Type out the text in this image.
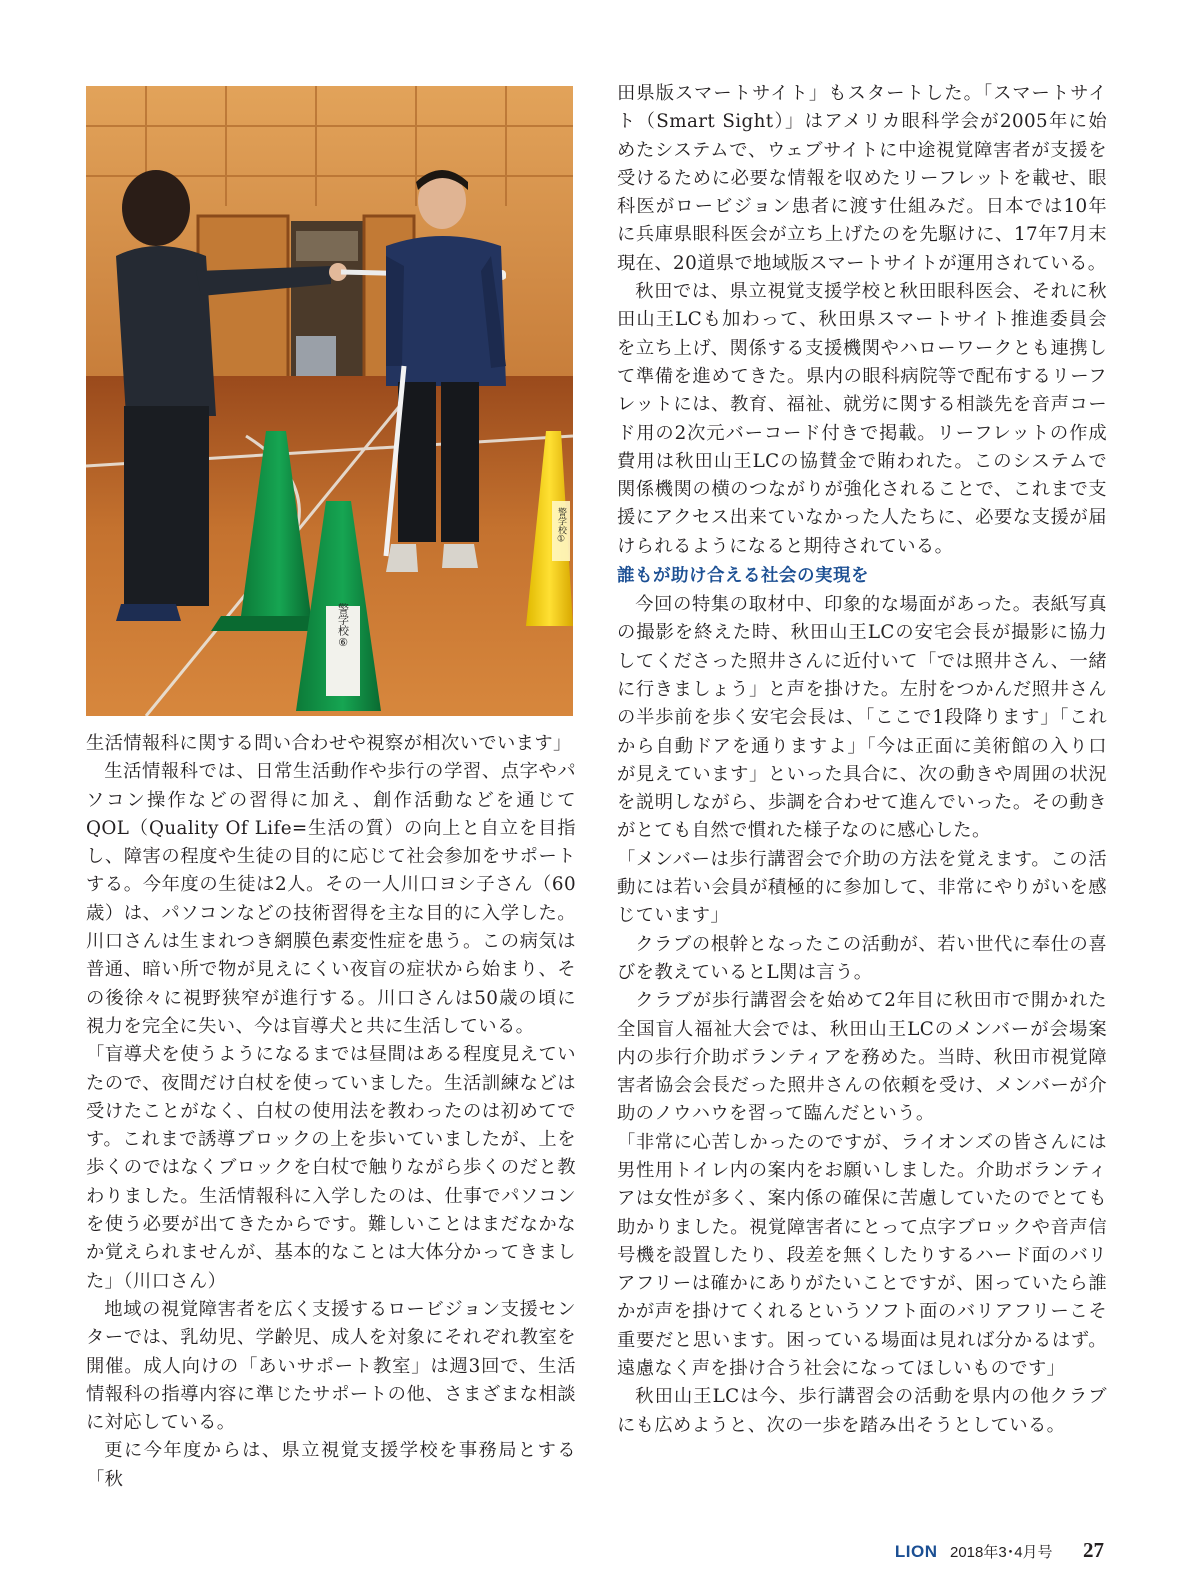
警学校①
警学校⑥

生活情報科に関する問い合わせや視察が相次いでいます」

生活情報科では、日常生活動作や歩行の学習、点字やパソコン操作などの習得に加え、創作活動などを通じてQOL（Quality Of Life=生活の質）の向上と自立を目指し、障害の程度や生徒の目的に応じて社会参加をサポートする。今年度の生徒は2人。その一人川口ヨシ子さん（60歳）は、パソコンなどの技術習得を主な目的に入学した。川口さんは生まれつき網膜色素変性症を患う。この病気は普通、暗い所で物が見えにくい夜盲の症状から始まり、その後徐々に視野狭窄が進行する。川口さんは50歳の頃に視力を完全に失い、今は盲導犬と共に生活している。

「盲導犬を使うようになるまでは昼間はある程度見えていたので、夜間だけ白杖を使っていました。生活訓練などは受けたことがなく、白杖の使用法を教わったのは初めてです。これまで誘導ブロックの上を歩いていましたが、上を歩くのではなくブロックを白杖で触りながら歩くのだと教わりました。生活情報科に入学したのは、仕事でパソコンを使う必要が出てきたからです。難しいことはまだなかなか覚えられませんが、基本的なことは大体分かってきました」（川口さん）

地域の視覚障害者を広く支援するロービジョン支援センターでは、乳幼児、学齢児、成人を対象にそれぞれ教室を開催。成人向けの「あいサポート教室」は週3回で、生活情報科の指導内容に準じたサポートの他、さまざまな相談に対応している。

更に今年度からは、県立視覚支援学校を事務局とする「秋

田県版スマートサイト」もスタートした。「スマートサイト（Smart Sight）」はアメリカ眼科学会が2005年に始めたシステムで、ウェブサイトに中途視覚障害者が支援を受けるために必要な情報を収めたリーフレットを載せ、眼科医がロービジョン患者に渡す仕組みだ。日本では10年に兵庫県眼科医会が立ち上げたのを先駆けに、17年7月末現在、20道県で地域版スマートサイトが運用されている。

秋田では、県立視覚支援学校と秋田眼科医会、それに秋田山王LCも加わって、秋田県スマートサイト推進委員会を立ち上げ、関係する支援機関やハローワークとも連携して準備を進めてきた。県内の眼科病院等で配布するリーフレットには、教育、福祉、就労に関する相談先を音声コード用の2次元バーコード付きで掲載。リーフレットの作成費用は秋田山王LCの協賛金で賄われた。このシステムで関係機関の横のつながりが強化されることで、これまで支援にアクセス出来ていなかった人たちに、必要な支援が届けられるようになると期待されている。

誰もが助け合える社会の実現を

今回の特集の取材中、印象的な場面があった。表紙写真の撮影を終えた時、秋田山王LCの安宅会長が撮影に協力してくださった照井さんに近付いて「では照井さん、一緒に行きましょう」と声を掛けた。左肘をつかんだ照井さんの半歩前を歩く安宅会長は、「ここで1段降ります」「これから自動ドアを通りますよ」「今は正面に美術館の入り口が見えています」といった具合に、次の動きや周囲の状況を説明しながら、歩調を合わせて進んでいった。その動きがとても自然で慣れた様子なのに感心した。

「メンバーは歩行講習会で介助の方法を覚えます。この活動には若い会員が積極的に参加して、非常にやりがいを感じています」

クラブの根幹となったこの活動が、若い世代に奉仕の喜びを教えているとL関は言う。

クラブが歩行講習会を始めて2年目に秋田市で開かれた全国盲人福祉大会では、秋田山王LCのメンバーが会場案内の歩行介助ボランティアを務めた。当時、秋田市視覚障害者協会会長だった照井さんの依頼を受け、メンバーが介助のノウハウを習って臨んだという。

「非常に心苦しかったのですが、ライオンズの皆さんには男性用トイレ内の案内をお願いしました。介助ボランティアは女性が多く、案内係の確保に苦慮していたのでとても助かりました。視覚障害者にとって点字ブロックや音声信号機を設置したり、段差を無くしたりするハード面のバリアフリーは確かにありがたいことですが、困っていたら誰かが声を掛けてくれるというソフト面のバリアフリーこそ重要だと思います。困っている場面は見れば分かるはず。遠慮なく声を掛け合う社会になってほしいものです」

秋田山王LCは今、歩行講習会の活動を県内の他クラブにも広めようと、次の一歩を踏み出そうとしている。

LION 2018年3･4月号 27
